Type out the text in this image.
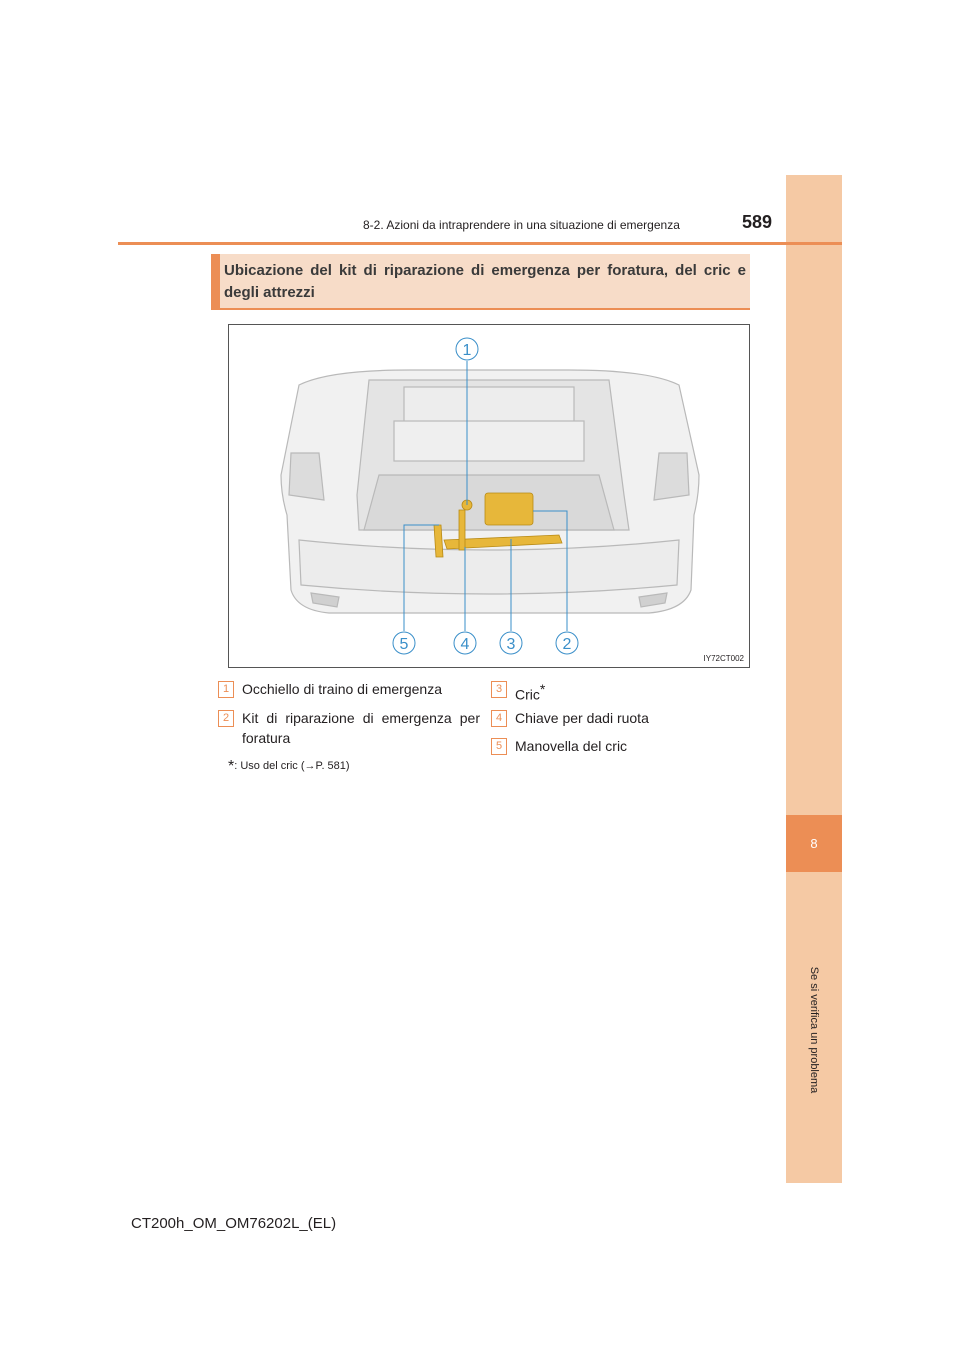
8
Se si verifica un problema
8-2. Azioni da intraprendere in una situazione di emergenza	589
Ubicazione del kit di riparazione di emergenza per foratura, del cric e degli attrezzi
1
2
3
4
5
IY72CT002
1 Occhiello di traino di emergenza
2 Kit di riparazione di emergenza per foratura
3 Cric*
4 Chiave per dadi ruota
5 Manovella del cric
*: Uso del cric (→P. 581)
CT200h_OM_OM76202L_(EL)
